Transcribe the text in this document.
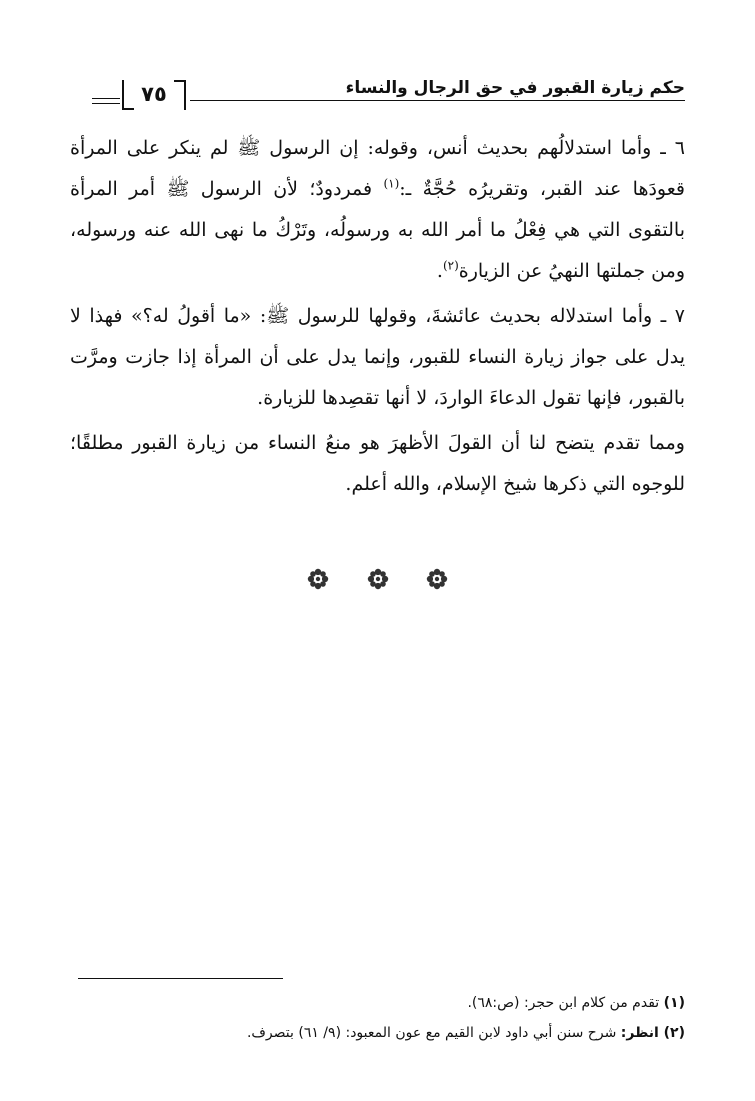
حكم زيارة القبور في حق الرجال والنساء
٧٥

٦ ـ وأما استدلالُهم بحديث أنس، وقوله: إن الرسول ﷺ لم ينكر على المرأة قعودَها عند القبر، وتقريرُه حُجَّةٌ ـ:$^{(١)}$ فمردودٌ؛ لأن الرسول ﷺ أمر المرأة بالتقوى التي هي فِعْلُ ما أمر الله به ورسولُه، وتَرْكُ ما نهى الله عنه ورسوله، ومن جملتها النهيُ عن الزيارة$^{(٢)}$.

٧ ـ وأما استدلاله بحديث عائشةَ، وقولها للرسول ﷺ: «ما أقولُ له؟» فهذا لا يدل على جواز زيارة النساء للقبور، وإنما يدل على أن المرأة إذا جازت ومرَّت بالقبور، فإنها تقول الدعاءَ الواردَ، لا أنها تقصِدها للزيارة.

ومما تقدم يتضح لنا أن القولَ الأظهرَ هو منعُ النساء من زيارة القبور مطلقًا؛ للوجوه التي ذكرها شيخ الإسلام، والله أعلم.

(١) تقدم من كلام ابن حجر: (ص:٦٨).

(٢) انظر: شرح سنن أبي داود لابن القيم مع عون المعبود: (٩/ ٦١) بتصرف.
